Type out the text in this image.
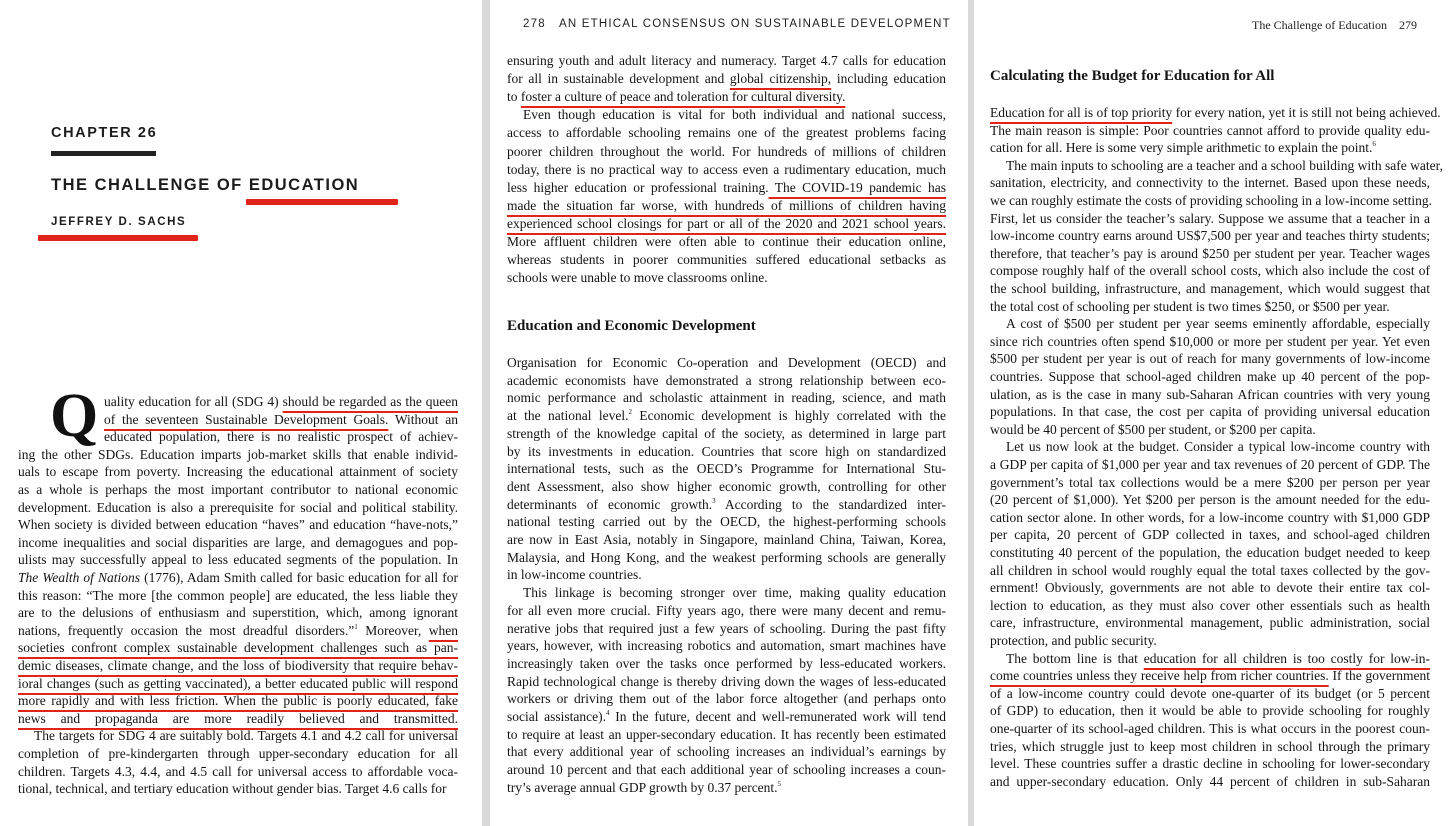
CHAPTER 26
THE CHALLENGE OF EDUCATION
JEFFREY D. SACHS
Q uality education for all (SDG 4) should be regarded as the queen
of the seventeen Sustainable Development Goals. Without an
educated population, there is no realistic prospect of achiev-
ing the other SDGs. Education imparts job-market skills that enable individ-
uals to escape from poverty. Increasing the educational attainment of society
as a whole is perhaps the most important contributor to national economic
development. Education is also a prerequisite for social and political stability.
When society is divided between education “haves” and education “have-nots,”
income inequalities and social disparities are large, and demagogues and pop-
ulists may successfully appeal to less educated segments of the population. In
The Wealth of Nations (1776), Adam Smith called for basic education for all for
this reason: “The more [the common people] are educated, the less liable they
are to the delusions of enthusiasm and superstition, which, among ignorant
nations, frequently occasion the most dreadful disorders.”$^1$ Moreover, when
societies confront complex sustainable development challenges such as pan-
demic diseases, climate change, and the loss of biodiversity that require behav-
ioral changes (such as getting vaccinated), a better educated public will respond
more rapidly and with less friction. When the public is poorly educated, fake
news and propaganda are more readily believed and transmitted.
The targets for SDG 4 are suitably bold. Targets 4.1 and 4.2 call for universal
completion of pre-kindergarten through upper-secondary education for all
children. Targets 4.3, 4.4, and 4.5 call for universal access to affordable voca-
tional, technical, and tertiary education without gender bias. Target 4.6 calls for
278 AN ETHICAL CONSENSUS ON SUSTAINABLE DEVELOPMENT
ensuring youth and adult literacy and numeracy. Target 4.7 calls for education
for all in sustainable development and global citizenship, including education
to foster a culture of peace and toleration for cultural diversity.
Even though education is vital for both individual and national success,
access to affordable schooling remains one of the greatest problems facing
poorer children throughout the world. For hundreds of millions of children
today, there is no practical way to access even a rudimentary education, much
less higher education or professional training. The COVID-19 pandemic has
made the situation far worse, with hundreds of millions of children having
experienced school closings for part or all of the 2020 and 2021 school years.
More affluent children were often able to continue their education online,
whereas students in poorer communities suffered educational setbacks as
schools were unable to move classrooms online.
Education and Economic Development
Organisation for Economic Co-operation and Development (OECD) and
academic economists have demonstrated a strong relationship between eco-
nomic performance and scholastic attainment in reading, science, and math
at the national level.$^2$ Economic development is highly correlated with the
strength of the knowledge capital of the society, as determined in large part
by its investments in education. Countries that score high on standardized
international tests, such as the OECD’s Programme for International Stu-
dent Assessment, also show higher economic growth, controlling for other
determinants of economic growth.$^3$ According to the standardized inter-
national testing carried out by the OECD, the highest-performing schools
are now in East Asia, notably in Singapore, mainland China, Taiwan, Korea,
Malaysia, and Hong Kong, and the weakest performing schools are generally
in low-income countries.
This linkage is becoming stronger over time, making quality education
for all even more crucial. Fifty years ago, there were many decent and remu-
nerative jobs that required just a few years of schooling. During the past fifty
years, however, with increasing robotics and automation, smart machines have
increasingly taken over the tasks once performed by less-educated workers.
Rapid technological change is thereby driving down the wages of less-educated
workers or driving them out of the labor force altogether (and perhaps onto
social assistance).$^4$ In the future, decent and well-remunerated work will tend
to require at least an upper-secondary education. It has recently been estimated
that every additional year of schooling increases an individual’s earnings by
around 10 percent and that each additional year of schooling increases a coun-
try’s average annual GDP growth by 0.37 percent.$^5$
The Challenge of Education 279
Calculating the Budget for Education for All
Education for all is of top priority for every nation, yet it is still not being achieved.
The main reason is simple: Poor countries cannot afford to provide quality edu-
cation for all. Here is some very simple arithmetic to explain the point.$^6$
The main inputs to schooling are a teacher and a school building with safe water,
sanitation, electricity, and connectivity to the internet. Based upon these needs,
we can roughly estimate the costs of providing schooling in a low-income setting.
First, let us consider the teacher’s salary. Suppose we assume that a teacher in a
low-income country earns around US$7,500 per year and teaches thirty students;
therefore, that teacher’s pay is around $250 per student per year. Teacher wages
compose roughly half of the overall school costs, which also include the cost of
the school building, infrastructure, and management, which would suggest that
the total cost of schooling per student is two times $250, or $500 per year.
A cost of $500 per student per year seems eminently affordable, especially
since rich countries often spend $10,000 or more per student per year. Yet even
$500 per student per year is out of reach for many governments of low-income
countries. Suppose that school-aged children make up 40 percent of the pop-
ulation, as is the case in many sub-Saharan African countries with very young
populations. In that case, the cost per capita of providing universal education
would be 40 percent of $500 per student, or $200 per capita.
Let us now look at the budget. Consider a typical low-income country with
a GDP per capita of $1,000 per year and tax revenues of 20 percent of GDP. The
government’s total tax collections would be a mere $200 per person per year
(20 percent of $1,000). Yet $200 per person is the amount needed for the edu-
cation sector alone. In other words, for a low-income country with $1,000 GDP
per capita, 20 percent of GDP collected in taxes, and school-aged children
constituting 40 percent of the population, the education budget needed to keep
all children in school would roughly equal the total taxes collected by the gov-
ernment! Obviously, governments are not able to devote their entire tax col-
lection to education, as they must also cover other essentials such as health
care, infrastructure, environmental management, public administration, social
protection, and public security.
The bottom line is that education for all children is too costly for low-in-
come countries unless they receive help from richer countries. If the government
of a low-income country could devote one-quarter of its budget (or 5 percent
of GDP) to education, then it would be able to provide schooling for roughly
one-quarter of its school-aged children. This is what occurs in the poorest coun-
tries, which struggle just to keep most children in school through the primary
level. These countries suffer a drastic decline in schooling for lower-secondary
and upper-secondary education. Only 44 percent of children in sub-Saharan
